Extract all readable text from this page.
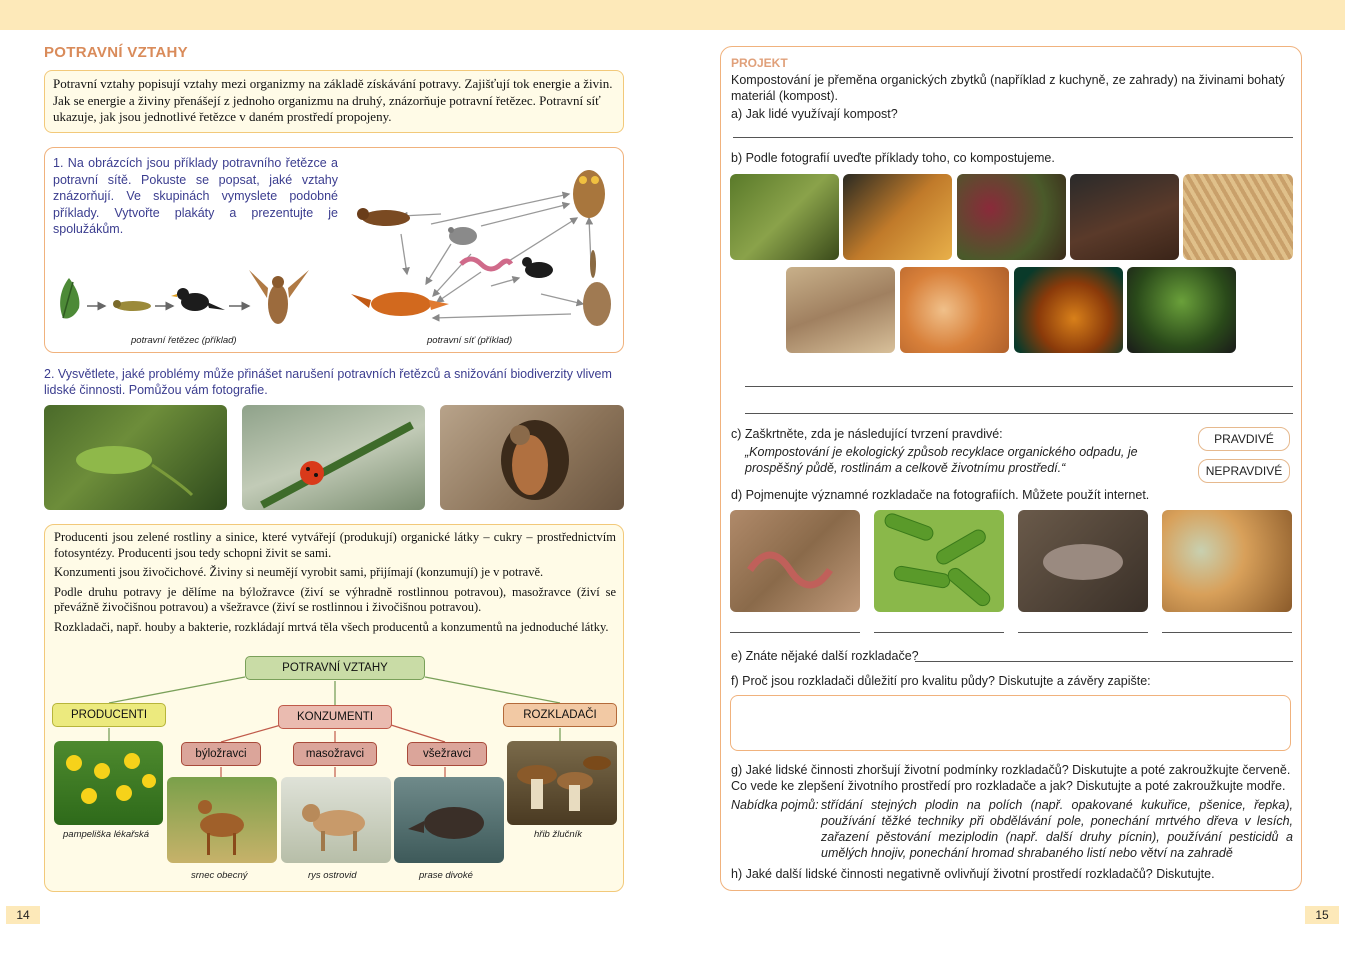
POTRAVNÍ VZTAHY
Potravní vztahy popisují vztahy mezi organizmy na základě získávání potravy. Zajišťují tok energie a živin. Jak se energie a živiny přenášejí z jednoho organizmu na druhý, znázorňuje potravní řetězec. Potravní síť ukazuje, jak jsou jednotlivé řetězce v daném prostředí propojeny.
1. Na obrázcích jsou příklady potravního řetězce a potravní sítě. Pokuste se popsat, jaké vztahy znázorňují. Ve skupinách vymyslete podobné příklady. Vytvořte plakáty a prezentujte je spolužákům.
potravní řetězec (příklad)	potravní síť (příklad)
2. Vysvětlete, jaké problémy může přinášet narušení potravních řetězců a snižování biodiverzity vlivem lidské činnosti. Pomůžou vám fotografie.

Producenti jsou zelené rostliny a sinice, které vytvářejí (produkují) organické látky – cukry – prostřednictvím fotosyntézy. Producenti jsou tedy schopni živit se sami.

Konzumenti jsou živočichové. Živiny si neumějí vyrobit sami, přijímají (konzumují) je v potravě.

Podle druhu potravy je dělíme na býložravce (živí se výhradně rostlinnou potravou), masožravce (živí se převážně živočišnou potravou) a všežravce (živí se rostlinnou i živočišnou potravou).

Rozkladači, např. houby a bakterie, rozkládají mrtvá těla všech producentů a konzumentů na jednoduché látky.

POTRAVNÍ VZTAHY
PRODUCENTI	KONZUMENTI	ROZKLADAČI
býložravci	masožravci	všežravci
pampeliška lékařská
srnec obecný	rys ostrovid	prase divoké
hřib žlučník
14
PROJEKT
Kompostování je přeměna organických zbytků (například z kuchyně, ze zahrady) na živinami bohatý materiál (kompost).
a) Jak lidé využívají kompost?
b) Podle fotografií uveďte příklady toho, co kompostujeme.
c) Zaškrtněte, zda je následující tvrzení pravdivé:
„Kompostování je ekologický způsob recyklace organického odpadu, je prospěšný půdě, rostlinám a celkově životnímu prostředí.“
PRAVDIVÉ
NEPRAVDIVÉ
d) Pojmenujte významné rozkladače na fotografiích. Můžete použít internet.
e) Znáte nějaké další rozkladače?
f) Proč jsou rozkladači důležití pro kvalitu půdy? Diskutujte a závěry zapište:
g) Jaké lidské činnosti zhoršují životní podmínky rozkladačů? Diskutujte a poté zakroužkujte červeně. Co vede ke zlepšení životního prostředí pro rozkladače a jak? Diskutujte a poté zakroužkujte modře.
Nabídka pojmů: střídání stejných plodin na polích (např. opakované kukuřice, pšenice, řepka), používání těžké techniky při obdělávání pole, ponechání mrtvého dřeva v lesích, zařazení pěstování meziplodin (např. další druhy pícnin), používání pesticidů a umělých hnojiv, ponechání hromad shrabaného listí nebo větví na zahradě
h) Jaké další lidské činnosti negativně ovlivňují životní prostředí rozkladačů? Diskutujte.
15
